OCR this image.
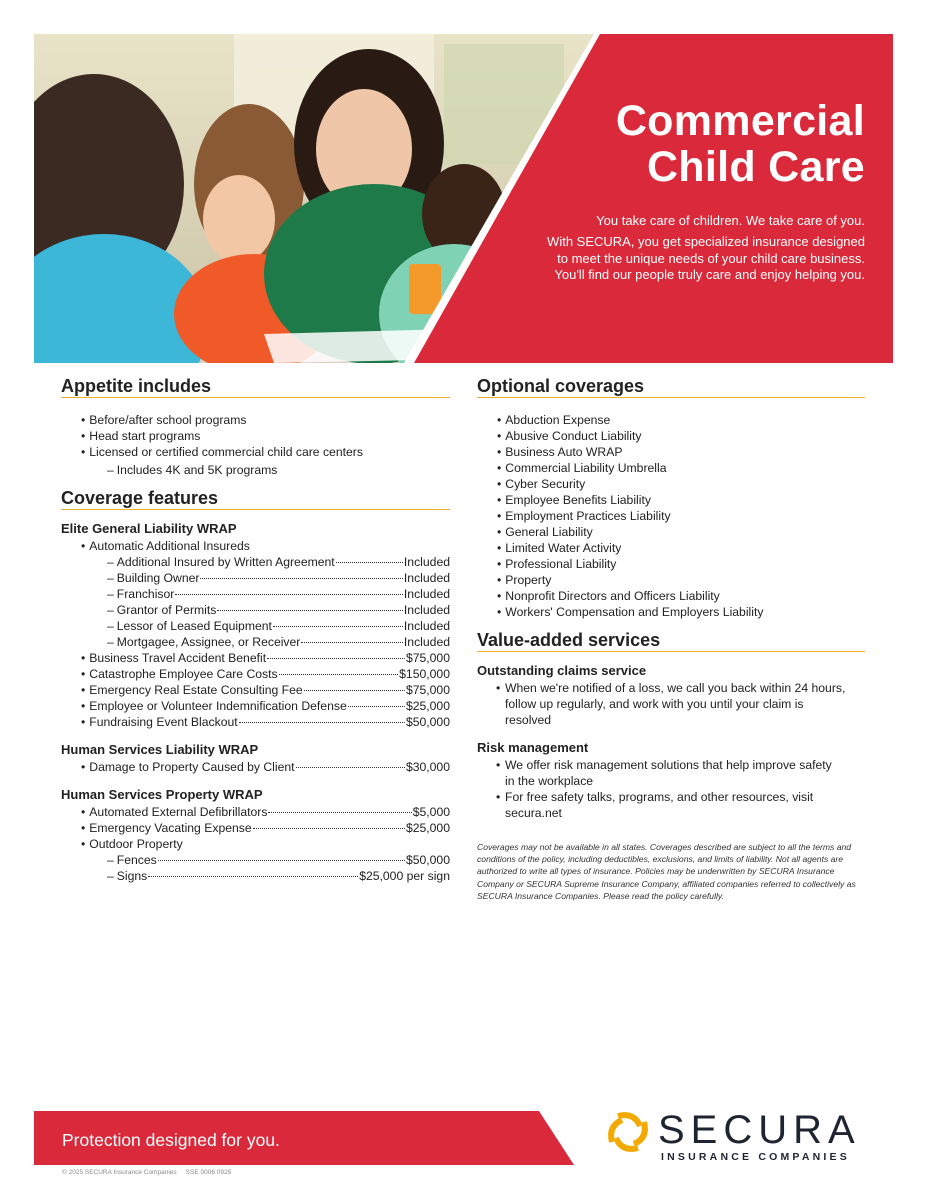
Commercial
Child Care
You take care of children. We take care of you.
With SECURA, you get specialized insurance designed to meet the unique needs of your child care business. You'll find our people truly care and enjoy helping you.
Appetite includes
• Before/after school programs
• Head start programs
• Licensed or certified commercial child care centers
– Includes 4K and 5K programs
Coverage features
Elite General Liability WRAP
• Automatic Additional Insureds
– Additional Insured by Written Agreement	Included
– Building Owner	Included
– Franchisor	Included
– Grantor of Permits	Included
– Lessor of Leased Equipment	Included
– Mortgagee, Assignee, or Receiver	Included
• Business Travel Accident Benefit	$75,000
• Catastrophe Employee Care Costs	$150,000
• Emergency Real Estate Consulting Fee	$75,000
• Employee or Volunteer Indemnification Defense	$25,000
• Fundraising Event Blackout	$50,000
Human Services Liability WRAP
• Damage to Property Caused by Client	$30,000
Human Services Property WRAP
• Automated External Defibrillators	$5,000
• Emergency Vacating Expense	$25,000
• Outdoor Property
– Fences	$50,000
– Signs	$25,000 per sign
Optional coverages
• Abduction Expense
• Abusive Conduct Liability
• Business Auto WRAP
• Commercial Liability Umbrella
• Cyber Security
• Employee Benefits Liability
• Employment Practices Liability
• General Liability
• Limited Water Activity
• Professional Liability
• Property
• Nonprofit Directors and Officers Liability
• Workers' Compensation and Employers Liability
Value-added services
Outstanding claims service
• When we're notified of a loss, we call you back within 24 hours, follow up regularly, and work with you until your claim is resolved
Risk management
• We offer risk management solutions that help improve safety in the workplace
• For free safety talks, programs, and other resources, visit secura.net
Coverages may not be available in all states. Coverages described are subject to all the terms and conditions of the policy, including deductibles, exclusions, and limits of liability. Not all agents are authorized to write all types of insurance. Policies may be underwritten by SECURA Insurance Company or SECURA Supreme Insurance Company, affiliated companies referred to collectively as SECURA Insurance Companies. Please read the policy carefully.
Protection designed for you.
© 2025 SECURA Insurance Companies     SSE 0006 0925
SECURA
INSURANCE COMPANIES
